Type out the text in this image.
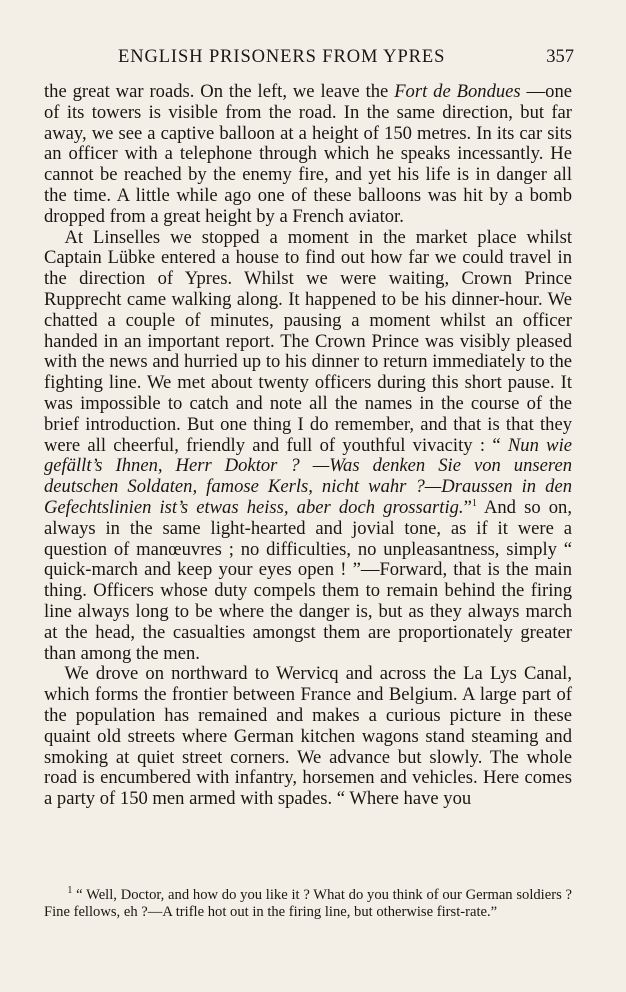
ENGLISH PRISONERS FROM YPRES	357

the great war roads. On the left, we leave the Fort de Bondues —one of its towers is visible from the road. In the same direction, but far away, we see a captive balloon at a height of 150 metres. In its car sits an officer with a telephone through which he speaks incessantly. He cannot be reached by the enemy fire, and yet his life is in danger all the time. A little while ago one of these balloons was hit by a bomb dropped from a great height by a French aviator.

At Linselles we stopped a moment in the market place whilst Captain Lübke entered a house to find out how far we could travel in the direction of Ypres. Whilst we were waiting, Crown Prince Rupprecht came walking along. It happened to be his dinner-hour. We chatted a couple of minutes, pausing a moment whilst an officer handed in an important report. The Crown Prince was visibly pleased with the news and hurried up to his dinner to return immediately to the fighting line. We met about twenty officers during this short pause. It was impossible to catch and note all the names in the course of the brief introduction. But one thing I do remember, and that is that they were all cheerful, friendly and full of youthful vivacity : “ Nun wie gefällt’s Ihnen, Herr Doktor ? —Was denken Sie von unseren deutschen Soldaten, famose Kerls, nicht wahr ?—Draussen in den Gefechtslinien ist’s etwas heiss, aber doch grossartig.”$^1$ And so on, always in the same light-hearted and jovial tone, as if it were a question of manœuvres ; no difficulties, no unpleasantness, simply “ quick-march and keep your eyes open ! ”—Forward, that is the main thing. Officers whose duty compels them to remain behind the firing line always long to be where the danger is, but as they always march at the head, the casualties amongst them are proportionately greater than among the men.

We drove on northward to Wervicq and across the La Lys Canal, which forms the frontier between France and Belgium. A large part of the population has remained and makes a curious picture in these quaint old streets where German kitchen wagons stand steaming and smoking at quiet street corners. We advance but slowly. The whole road is encumbered with infantry, horsemen and vehicles. Here comes a party of 150 men armed with spades. “ Where have you

$^1$ “ Well, Doctor, and how do you like it ? What do you think of our German soldiers ? Fine fellows, eh ?—A trifle hot out in the firing line, but otherwise first-rate.”
